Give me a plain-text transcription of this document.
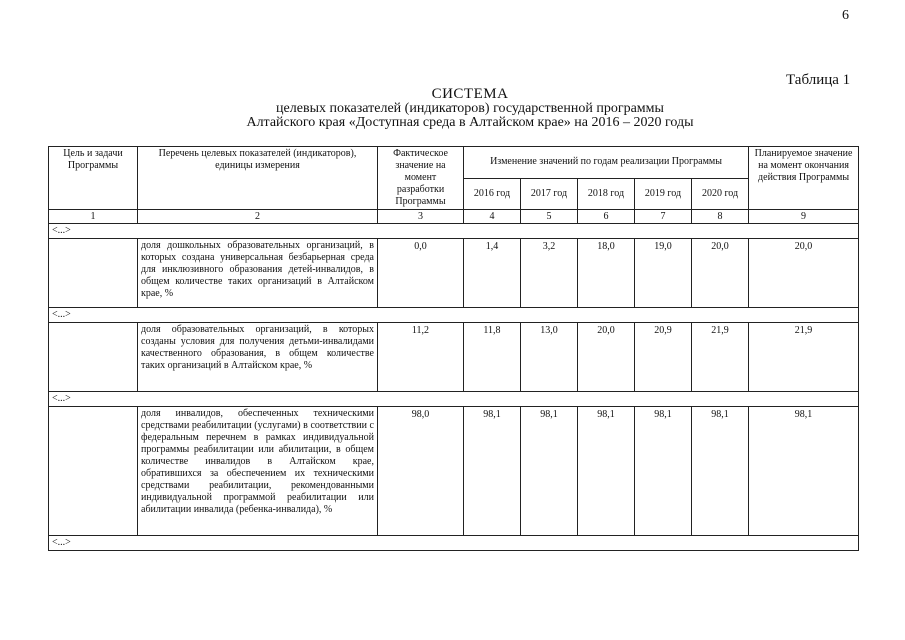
6
Таблица 1
СИСТЕМА
целевых показателей (индикаторов) государственной программы
Алтайского края «Доступная среда в Алтайском крае» на 2016 – 2020 годы
Цель и задачи Программы	Перечень целевых показателей (индикаторов), единицы измерения	Фактическое значение на момент разработки Программы	Изменение значений по годам реализации Программы					Планируемое значение на момент окончания действия Программы
			2016 год	2017 год	2018 год	2019 год	2020 год	
1	2	3	4	5	6	7	8	9
<...>								
	доля дошкольных образовательных организаций, в которых создана универсальная безбарьерная среда для инклюзивного образования детей-инвалидов, в общем количестве таких организаций в Алтайском крае, %	0,0	1,4	3,2	18,0	19,0	20,0	20,0
<...>								
	доля образовательных организаций, в которых созданы условия для получения детьми-инвалидами качественного образования, в общем количестве таких организаций в Алтайском крае, %	11,2	11,8	13,0	20,0	20,9	21,9	21,9
<...>								
	доля инвалидов, обеспеченных техническими средствами реабилитации (услугами) в соответствии с федеральным перечнем в рамках индивидуальной программы реабилитации или абилитации, в общем количестве инвалидов в Алтайском крае, обратившихся за обеспечением их техническими средствами реабилитации, рекомендованными индивидуальной программой реабилитации или абилитации инвалида (ребенка-инвалида), %	98,0	98,1	98,1	98,1	98,1	98,1	98,1
<...>								
